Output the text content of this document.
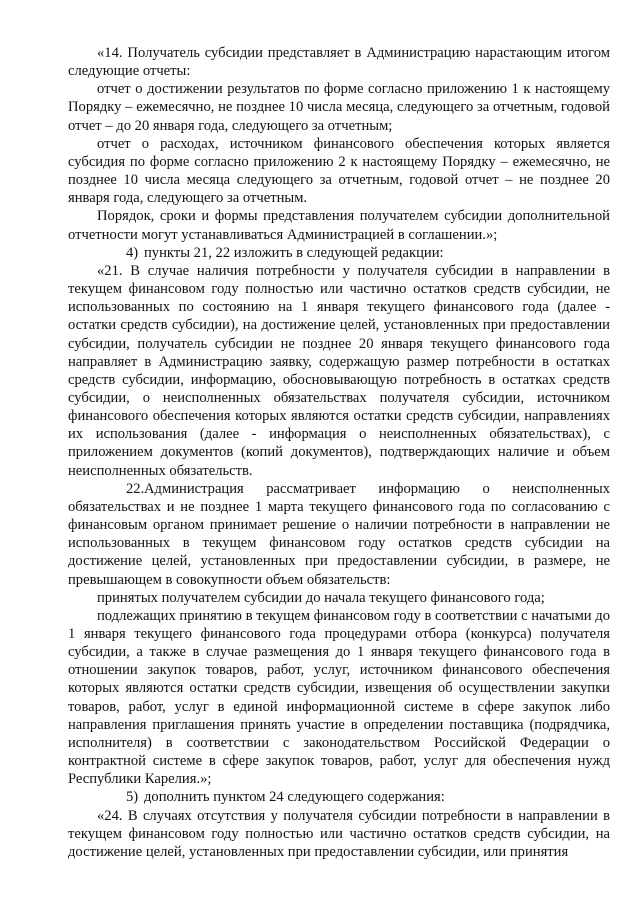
«14. Получатель субсидии представляет в Администрацию нарастающим итогом следующие отчеты:

отчет о достижении результатов по форме согласно приложению 1 к настоящему Порядку – ежемесячно, не позднее 10 числа месяца, следующего за отчетным, годовой отчет – до 20 января года, следующего за отчетным;

отчет о расходах, источником финансового обеспечения которых является субсидия по форме согласно приложению 2 к настоящему Порядку – ежемесячно, не позднее 10 числа месяца следующего за отчетным, годовой отчет – не позднее 20 января года, следующего за отчетным.

Порядок, сроки и формы представления получателем субсидии дополнительной отчетности могут устанавливаться Администрацией в соглашении.»;

4) пункты 21, 22 изложить в следующей редакции:

«21. В случае наличия потребности у получателя субсидии в направлении в текущем финансовом году полностью или частично остатков средств субсидии, не использованных по состоянию на 1 января текущего финансового года (далее - остатки средств субсидии), на достижение целей, установленных при предоставлении субсидии, получатель субсидии не позднее 20 января текущего финансового года направляет в Администрацию заявку, содержащую размер потребности в остатках средств субсидии, информацию, обосновывающую потребность в остатках средств субсидии, о неисполненных обязательствах получателя субсидии, источником финансового обеспечения которых являются остатки средств субсидии, направлениях их использования (далее - информация о неисполненных обязательствах), с приложением документов (копий документов), подтверждающих наличие и объем неисполненных обязательств.

22.Администрация рассматривает информацию о неисполненных обязательствах и не позднее 1 марта текущего финансового года по согласованию с финансовым органом принимает решение о наличии потребности в направлении не использованных в текущем финансовом году остатков средств субсидии на достижение целей, установленных при предоставлении субсидии, в размере, не превышающем в совокупности объем обязательств:

принятых получателем субсидии до начала текущего финансового года;

подлежащих принятию в текущем финансовом году в соответствии с начатыми до 1 января текущего финансового года процедурами отбора (конкурса) получателя субсидии, а также в случае размещения до 1 января текущего финансового года в отношении закупок товаров, работ, услуг, источником финансового обеспечения которых являются остатки средств субсидии, извещения об осуществлении закупки товаров, работ, услуг в единой информационной системе в сфере закупок либо направления приглашения принять участие в определении поставщика (подрядчика, исполнителя) в соответствии с законодательством Российской Федерации о контрактной системе в сфере закупок товаров, работ, услуг для обеспечения нужд Республики Карелия.»;

5) дополнить пунктом 24 следующего содержания:

«24. В случаях отсутствия у получателя субсидии потребности в направлении в текущем финансовом году полностью или частично остатков средств субсидии, на достижение целей, установленных при предоставлении субсидии, или принятия
